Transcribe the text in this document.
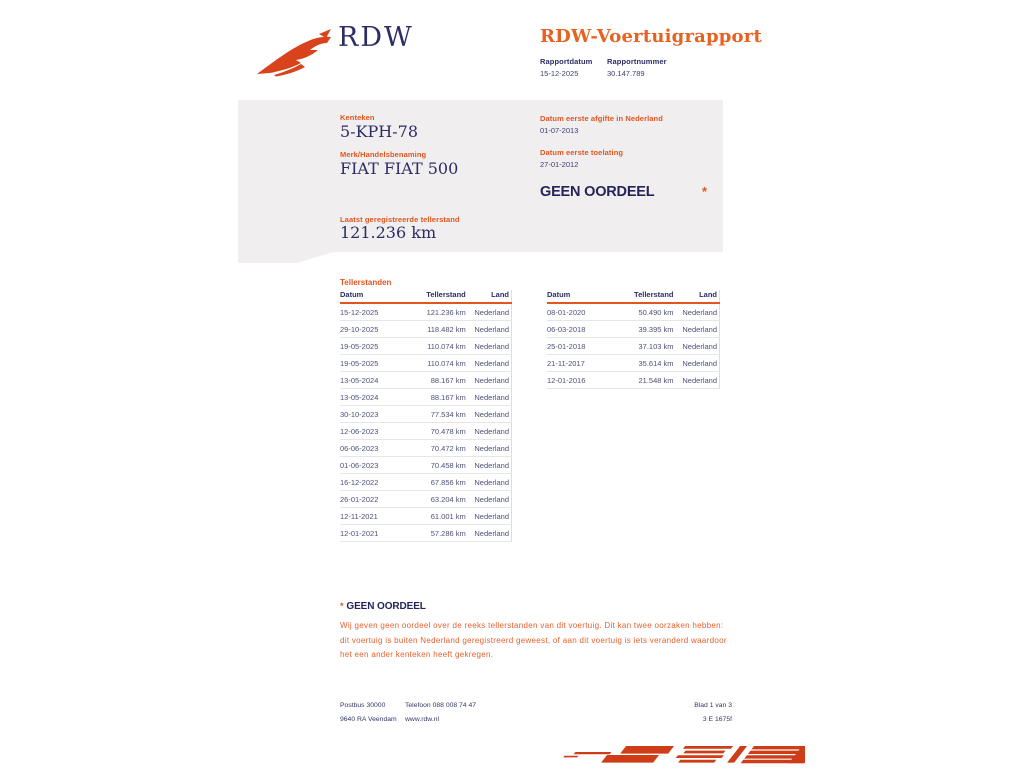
RDW	RDW-Voertuigrapport
Rapportdatum
15-12-2025
Rapportnummer
30.147.789
Kenteken
5-KPH-78
Merk/Handelsbenaming
FIAT FIAT 500
Laatst geregistreerde tellerstand
121.236 km
Datum eerste afgifte in Nederland
01-07-2013
Datum eerste toelating
27-01-2012
GEEN OORDEEL	*
Tellerstanden
Datum	Tellerstand	Land
15-12-2025	121.236 km	Nederland
29-10-2025	118.482 km	Nederland
19-05-2025	110.074 km	Nederland
19-05-2025	110.074 km	Nederland
13-05-2024	88.167 km	Nederland
13-05-2024	88.167 km	Nederland
30-10-2023	77.534 km	Nederland
12-06-2023	70.478 km	Nederland
06-06-2023	70.472 km	Nederland
01-06-2023	70.458 km	Nederland
16-12-2022	67.856 km	Nederland
26-01-2022	63.204 km	Nederland
12-11-2021	61.001 km	Nederland
12-01-2021	57.286 km	Nederland
Datum	Tellerstand	Land
08-01-2020	50.490 km	Nederland
06-03-2018	39.395 km	Nederland
25-01-2018	37.103 km	Nederland
21-11-2017	35.614 km	Nederland
12-01-2016	21.548 km	Nederland
* GEEN OORDEEL
Wij geven geen oordeel over de reeks tellerstanden van dit voertuig. Dit kan twee oorzaken hebben: dit voertuig is buiten Nederland geregistreerd geweest, of aan dit voertuig is iets veranderd waardoor het een ander kenteken heeft gekregen.
Postbus 30000
9640 RA Veendam
Telefoon 088 008 74 47
www.rdw.nl
Blad 1 van 3
3 E 1675f
